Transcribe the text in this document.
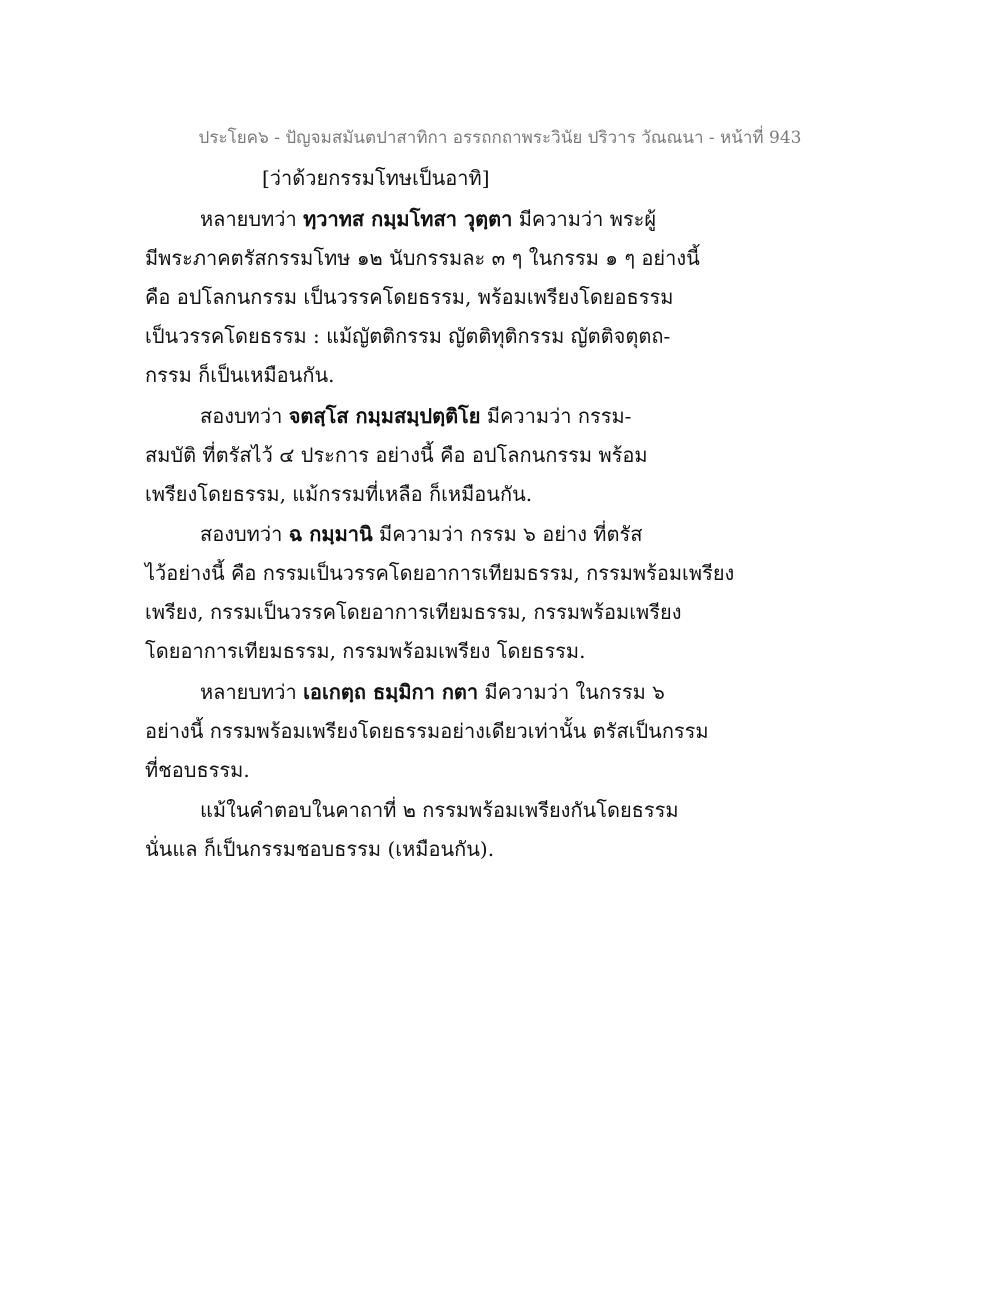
ประโยค๖ - ปัญจมสมันตปาสาทิกา อรรถกถาพระวินัย ปริวาร วัณณนา - หน้าที่ 943
[ว่าด้วยกรรมโทษเป็นอาทิ]
หลายบทว่า ทฺวาทส กมฺมโทสา วุตฺตา มีความว่า พระผู้
มีพระภาคตรัสกรรมโทษ ๑๒ นับกรรมละ ๓ ๆ ในกรรม ๑ ๆ อย่างนี้
คือ อปโลกนกรรม เป็นวรรคโดยธรรม, พร้อมเพรียงโดยอธรรม
เป็นวรรคโดยธรรม : แม้ญัตติกรรม ญัตติทุติกรรม ญัตติจตุตถ-
กรรม ก็เป็นเหมือนกัน.
สองบทว่า จตสฺโส กมฺมสมฺปตฺติโย มีความว่า กรรม-
สมบัติ ที่ตรัสไว้ ๔ ประการ อย่างนี้ คือ อปโลกนกรรม พร้อม
เพรียงโดยธรรม, แม้กรรมที่เหลือ ก็เหมือนกัน.
สองบทว่า ฉ กมฺมานิ มีความว่า กรรม ๖ อย่าง ที่ตรัส
ไว้อย่างนี้ คือ กรรมเป็นวรรคโดยอาการเทียมธรรม, กรรมพร้อมเพรียง
เพรียง, กรรมเป็นวรรคโดยอาการเทียมธรรม, กรรมพร้อมเพรียง
โดยอาการเทียมธรรม, กรรมพร้อมเพรียง โดยธรรม.
หลายบทว่า เอเกตฺถ ธมฺมิกา กตา มีความว่า ในกรรม ๖
อย่างนี้ กรรมพร้อมเพรียงโดยธรรมอย่างเดียวเท่านั้น ตรัสเป็นกรรม
ที่ชอบธรรม.
แม้ในคำตอบในคาถาที่ ๒ กรรมพร้อมเพรียงกันโดยธรรม
นั่นแล ก็เป็นกรรมชอบธรรม (เหมือนกัน).
